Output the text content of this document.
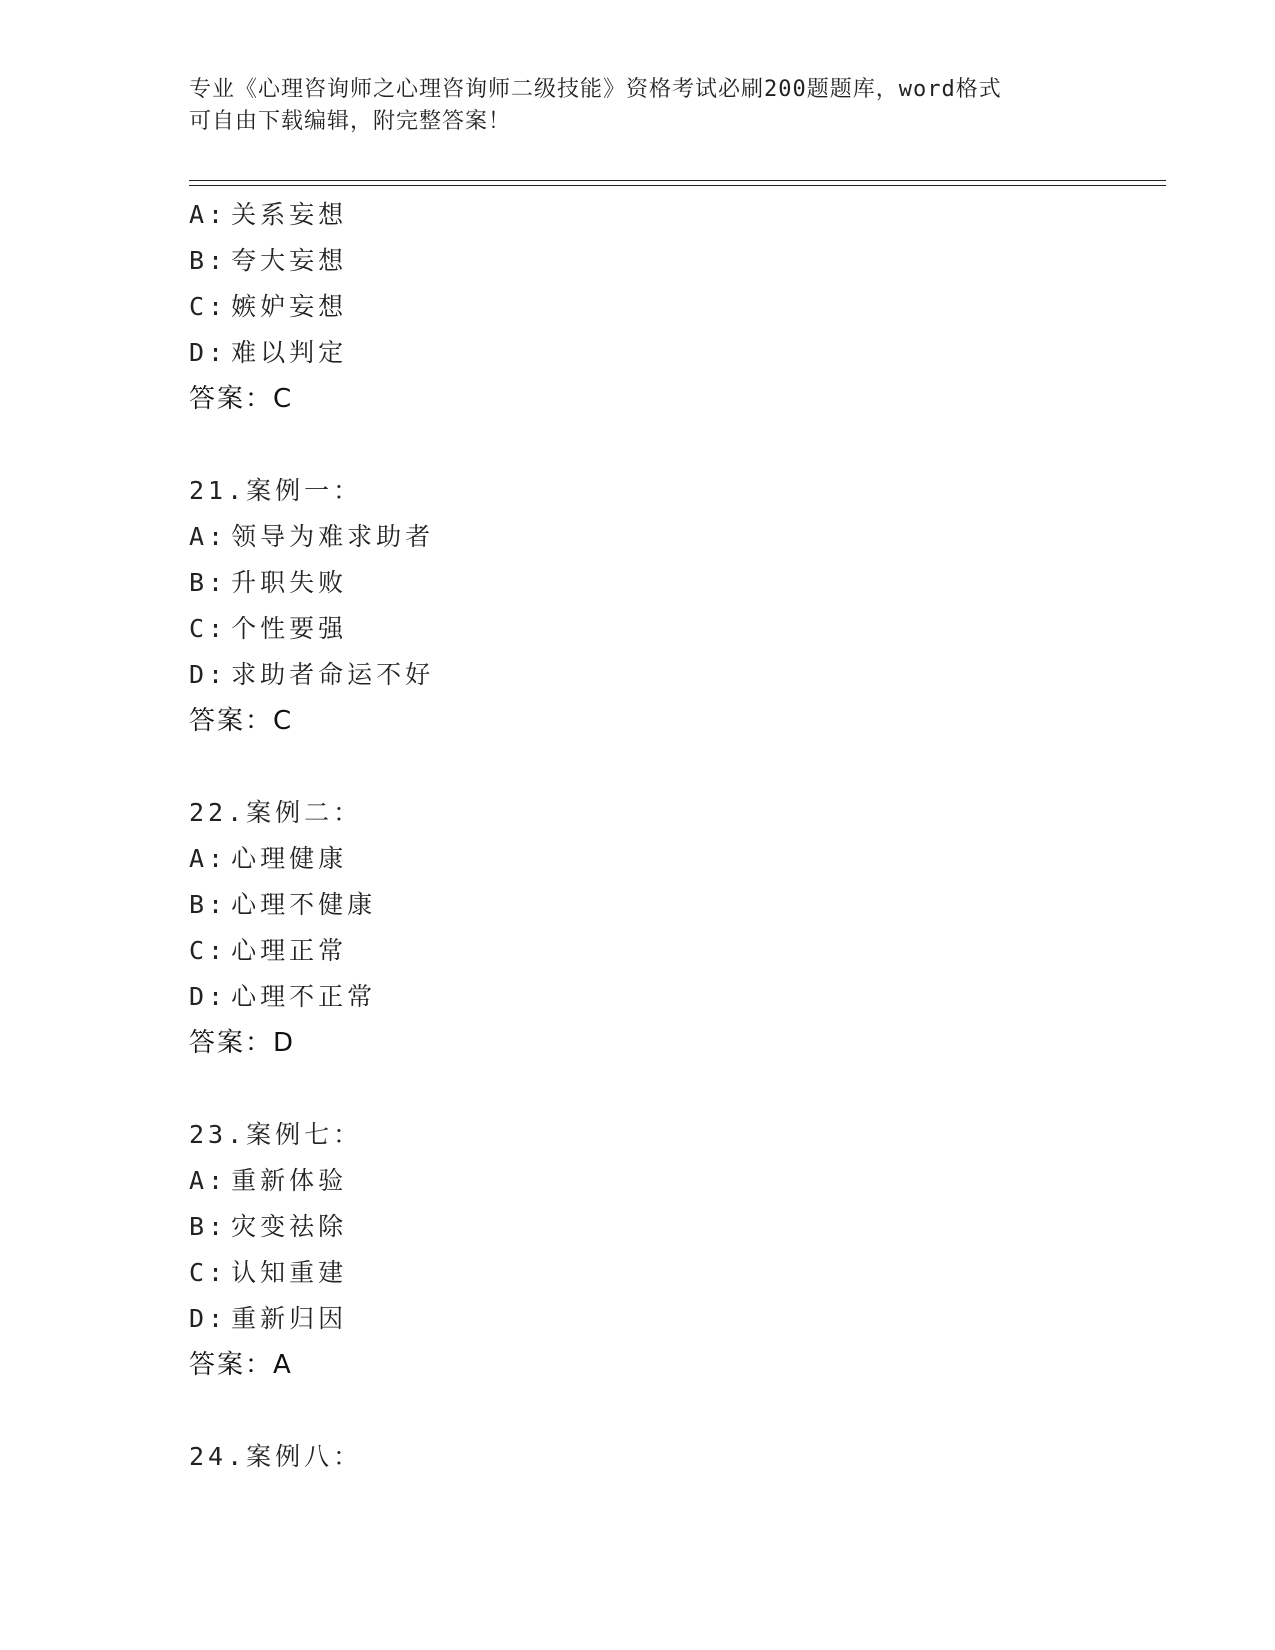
专业《心理咨询师之心理咨询师二级技能》资格考试必刷200题题库，word格式
可自由下载编辑，附完整答案！
A: 关系妄想
B: 夸大妄想
C: 嫉妒妄想
D: 难以判定
答案：C
21.案例一：
A: 领导为难求助者
B: 升职失败
C: 个性要强
D: 求助者命运不好
答案：C
22.案例二：
A: 心理健康
B: 心理不健康
C: 心理正常
D: 心理不正常
答案：D
23.案例七：
A: 重新体验
B: 灾变祛除
C: 认知重建
D: 重新归因
答案：A
24.案例八：
